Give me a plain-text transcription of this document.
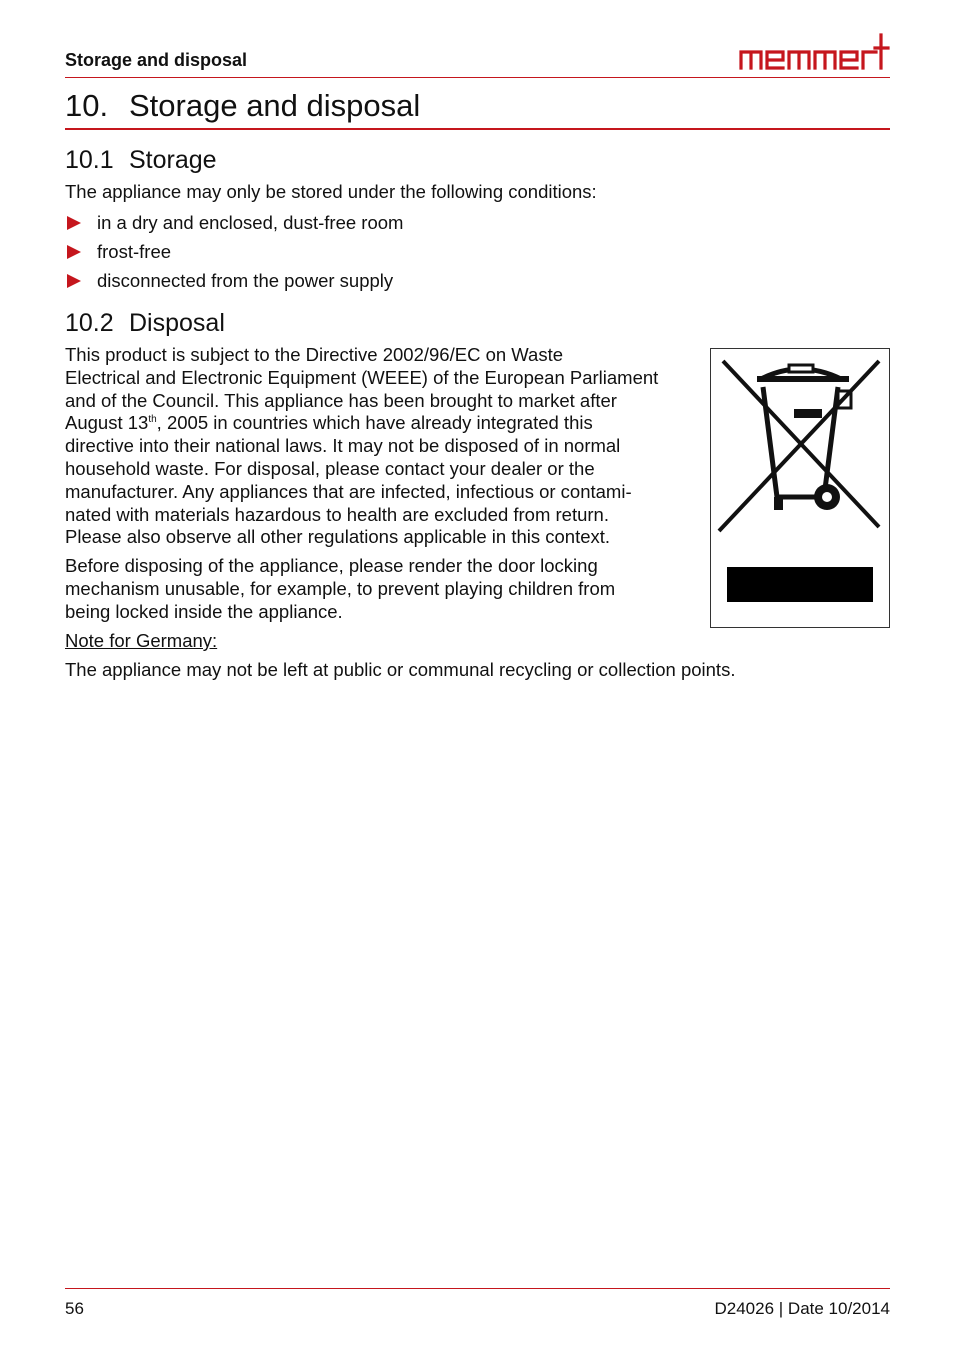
Storage and disposal
10. Storage and disposal
10.1 Storage
The appliance may only be stored under the following conditions:
in a dry and enclosed, dust-free room
frost-free
disconnected from the power supply
10.2 Disposal
This product is subject to the Directive 2002/96/EC on Waste
Electrical and Electronic Equipment (WEEE) of the European Parliament
and of the Council. This appliance has been brought to market after
August 13th, 2005 in countries which have already integrated this
directive into their national laws. It may not be disposed of in normal
household waste. For disposal, please contact your dealer or the
manufacturer. Any appliances that are infected, infectious or contami-
nated with materials hazardous to health are excluded from return.
Please also observe all other regulations applicable in this context.
Before disposing of the appliance, please render the door locking
mechanism unusable, for example, to prevent playing children from
being locked inside the appliance.
Note for Germany:
The appliance may not be left at public or communal recycling or collection points.
56	D24026 | Date 10/2014
